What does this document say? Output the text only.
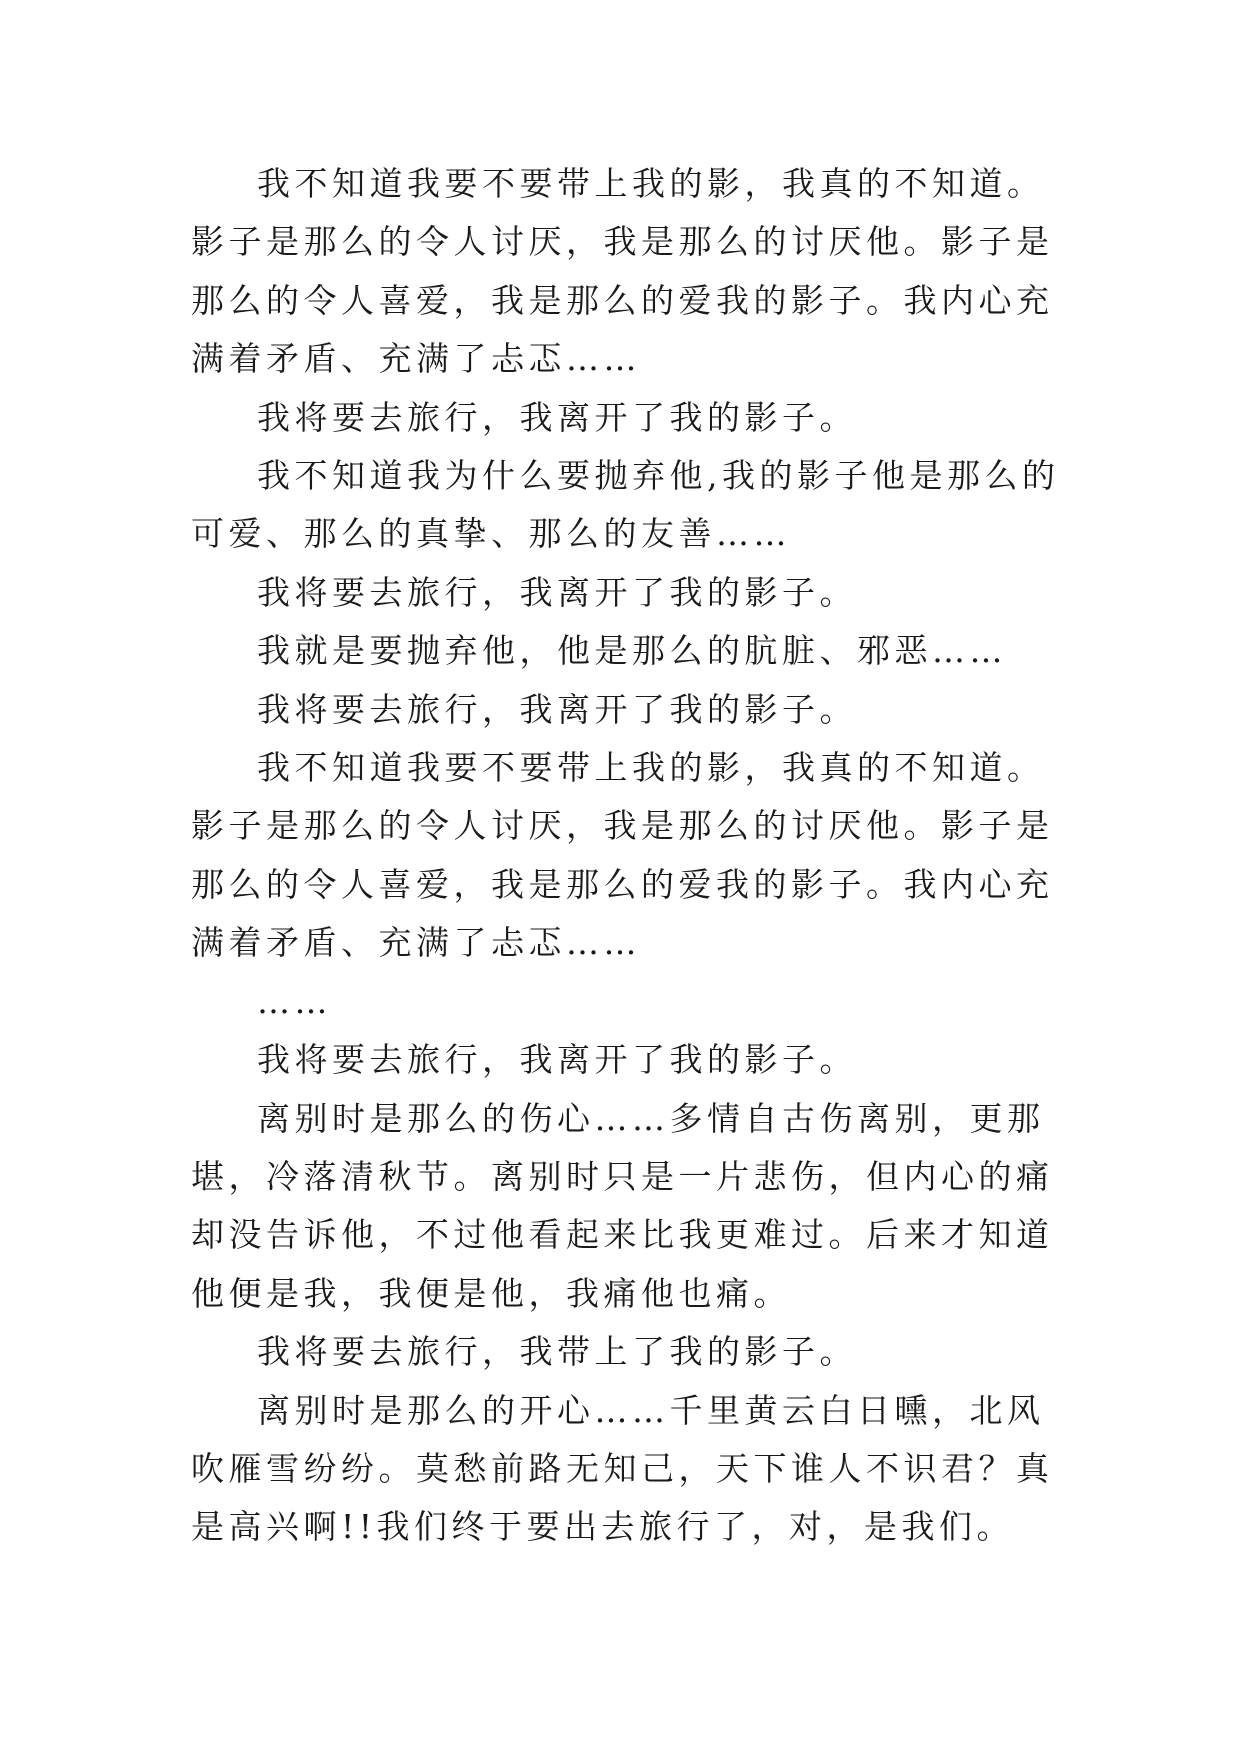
我不知道我要不要带上我的影，我真的不知道。影子是那么的令人讨厌，我是那么的讨厌他。影子是那么的令人喜爱，我是那么的爱我的影子。我内心充满着矛盾、充满了忐忑……

我将要去旅行，我离开了我的影子。

我不知道我为什么要抛弃他,我的影子他是那么的可爱、那么的真挚、那么的友善……

我将要去旅行，我离开了我的影子。

我就是要抛弃他，他是那么的肮脏、邪恶……

我将要去旅行，我离开了我的影子。

我不知道我要不要带上我的影，我真的不知道。影子是那么的令人讨厌，我是那么的讨厌他。影子是那么的令人喜爱，我是那么的爱我的影子。我内心充满着矛盾、充满了忐忑……

……

我将要去旅行，我离开了我的影子。

离别时是那么的伤心……多情自古伤离别，更那堪，冷落清秋节。离别时只是一片悲伤，但内心的痛却没告诉他，不过他看起来比我更难过。后来才知道他便是我，我便是他，我痛他也痛。

我将要去旅行，我带上了我的影子。

离别时是那么的开心……千里黄云白日曛，北风吹雁雪纷纷。莫愁前路无知己，天下谁人不识君？真是高兴啊!!我们终于要出去旅行了，对，是我们。
